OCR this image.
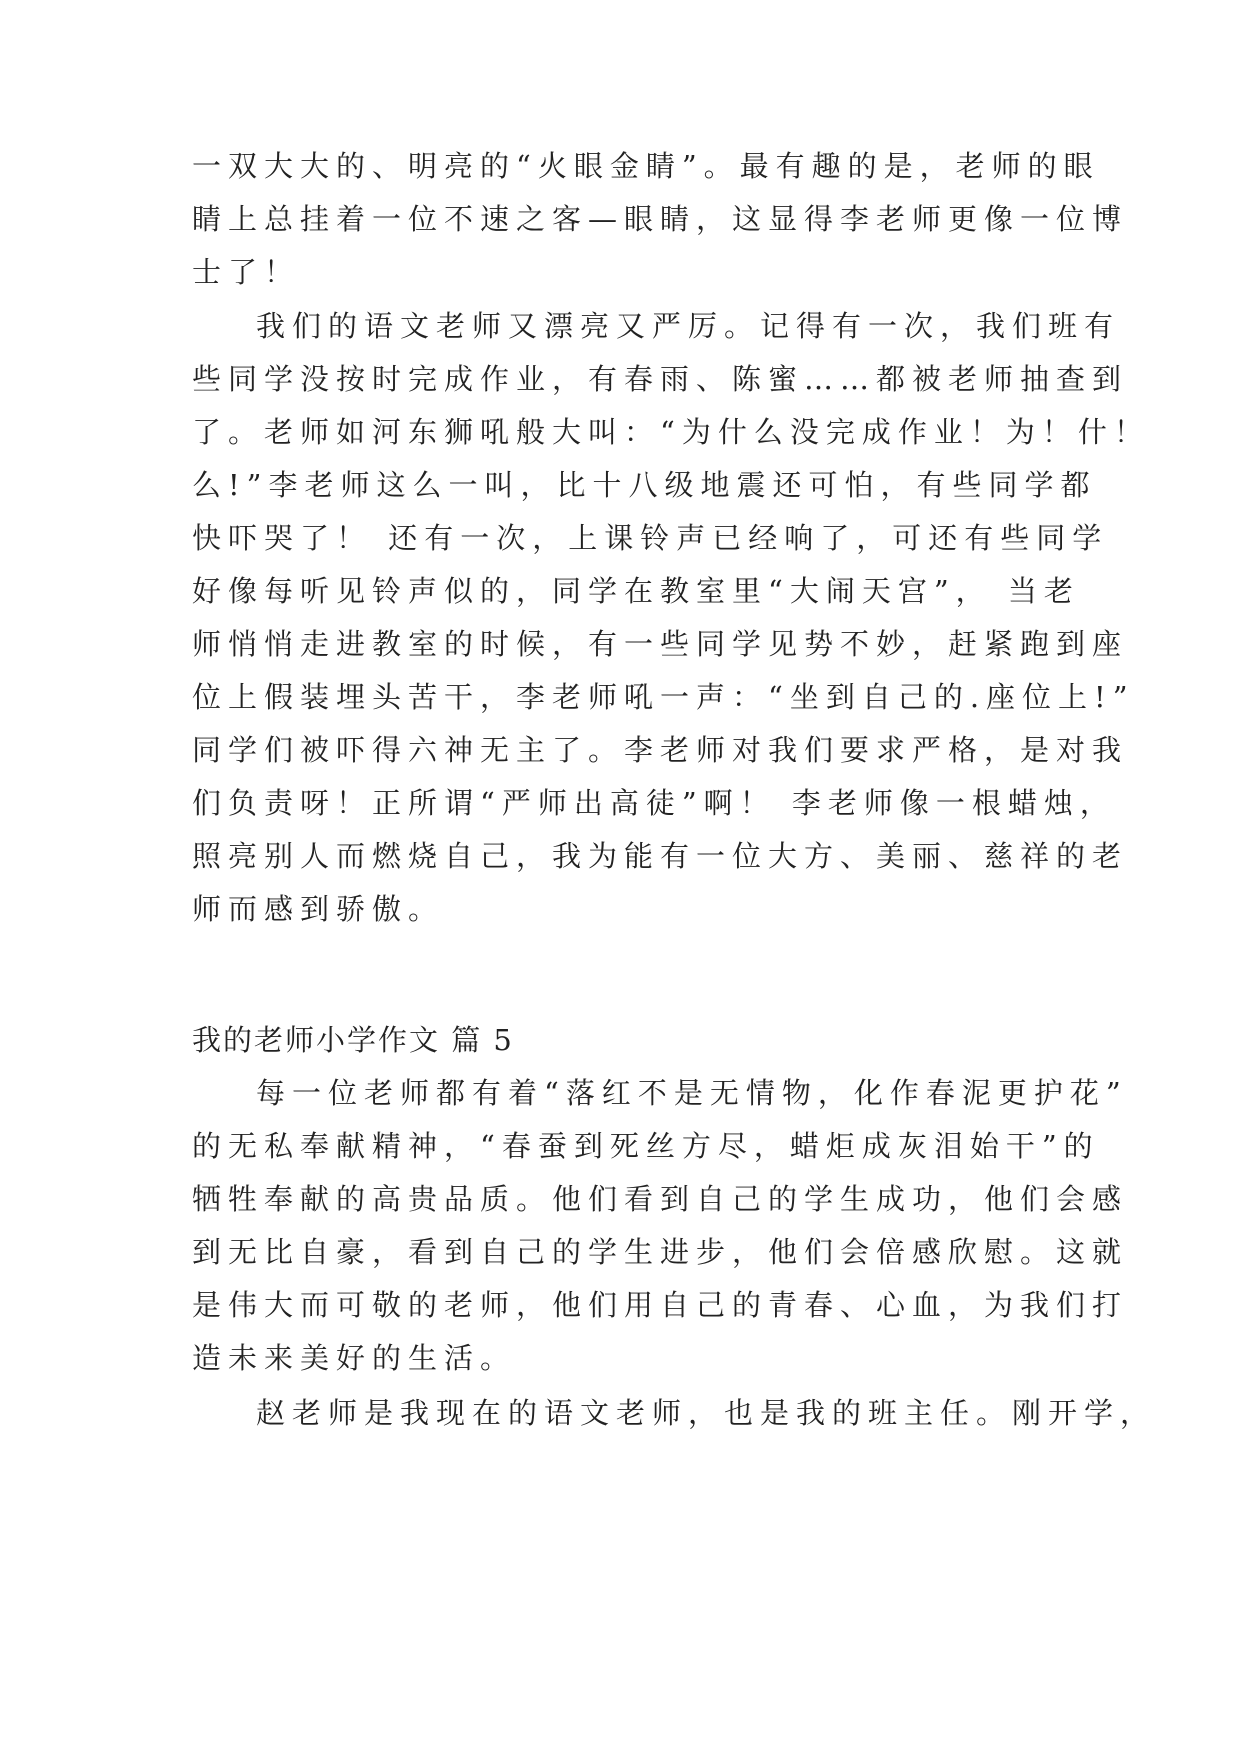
一双大大的、明亮的“火眼金睛”。最有趣的是，老师的眼
睛上总挂着一位不速之客—眼睛，这显得李老师更像一位博
士了！
我们的语文老师又漂亮又严厉。记得有一次，我们班有
些同学没按时完成作业，有春雨、陈蜜……都被老师抽查到
了。老师如河东狮吼般大叫：“为什么没完成作业！为！什！
么!”李老师这么一叫，比十八级地震还可怕，有些同学都
快吓哭了！ 还有一次，上课铃声已经响了，可还有些同学
好像每听见铃声似的，同学在教室里“大闹天宫”， 当老
师悄悄走进教室的时候，有一些同学见势不妙，赶紧跑到座
位上假装埋头苦干，李老师吼一声：“坐到自己的.座位上!”
同学们被吓得六神无主了。李老师对我们要求严格，是对我
们负责呀！正所谓“严师出高徒”啊！ 李老师像一根蜡烛，
照亮别人而燃烧自己，我为能有一位大方、美丽、慈祥的老
师而感到骄傲。
我的老师小学作文 篇 5
每一位老师都有着“落红不是无情物，化作春泥更护花”
的无私奉献精神，“春蚕到死丝方尽，蜡炬成灰泪始干”的
牺牲奉献的高贵品质。他们看到自己的学生成功，他们会感
到无比自豪，看到自己的学生进步，他们会倍感欣慰。这就
是伟大而可敬的老师，他们用自己的青春、心血，为我们打
造未来美好的生活。
赵老师是我现在的语文老师，也是我的班主任。刚开学，
